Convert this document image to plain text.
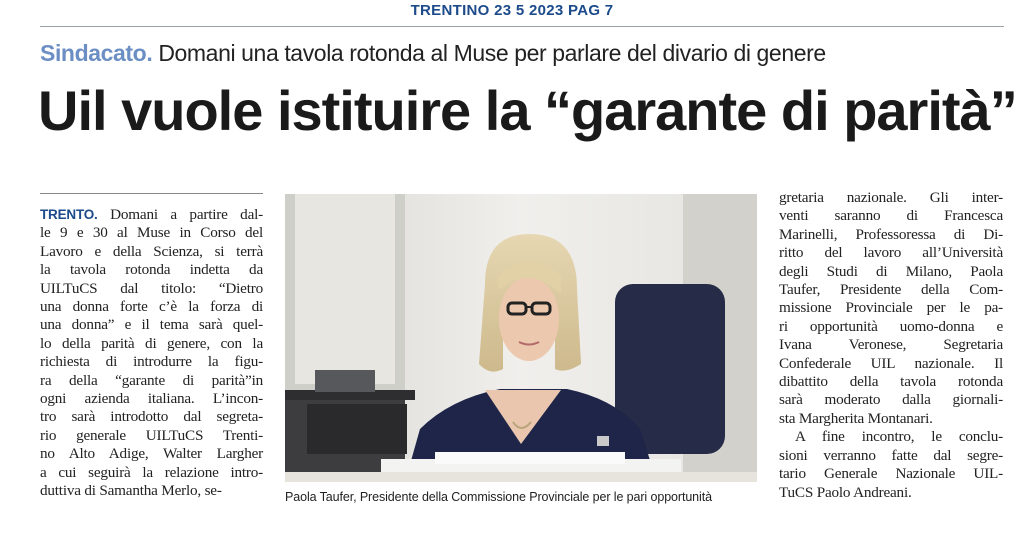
TRENTINO 23 5 2023 PAG 7
Sindacato. Domani una tavola rotonda al Muse per parlare del divario di genere
Uil vuole istituire la “garante di parità”
TRENTO. Domani a partire dal-
le 9 e 30 al Muse in Corso del
Lavoro e della Scienza, si terrà
la tavola rotonda indetta da
UILTuCS dal titolo: “Dietro
una donna forte c’è la forza di
una donna” e il tema sarà quel-
lo della parità di genere, con la
richiesta di introdurre la figu-
ra della “garante di parità”in
ogni azienda italiana. L’incon-
tro sarà introdotto dal segreta-
rio generale UILTuCS Trenti-
no Alto Adige, Walter Largher
a cui seguirà la relazione intro-
duttiva di Samantha Merlo, se-	Paola Taufer, Presidente della Commissione Provinciale per le pari opportunità
gretaria nazionale. Gli inter-
venti saranno di Francesca
Marinelli, Professoressa di Di-
ritto del lavoro all’Università
degli Studi di Milano, Paola
Taufer, Presidente della Com-
missione Provinciale per le pa-
ri opportunità uomo-donna e
Ivana Veronese, Segretaria
Confederale UIL nazionale. Il
dibattito della tavola rotonda
sarà moderato dalla giornali-
sta Margherita Montanari.
A fine incontro, le conclu-
sioni verranno fatte dal segre-
tario Generale Nazionale UIL-
TuCS Paolo Andreani.
